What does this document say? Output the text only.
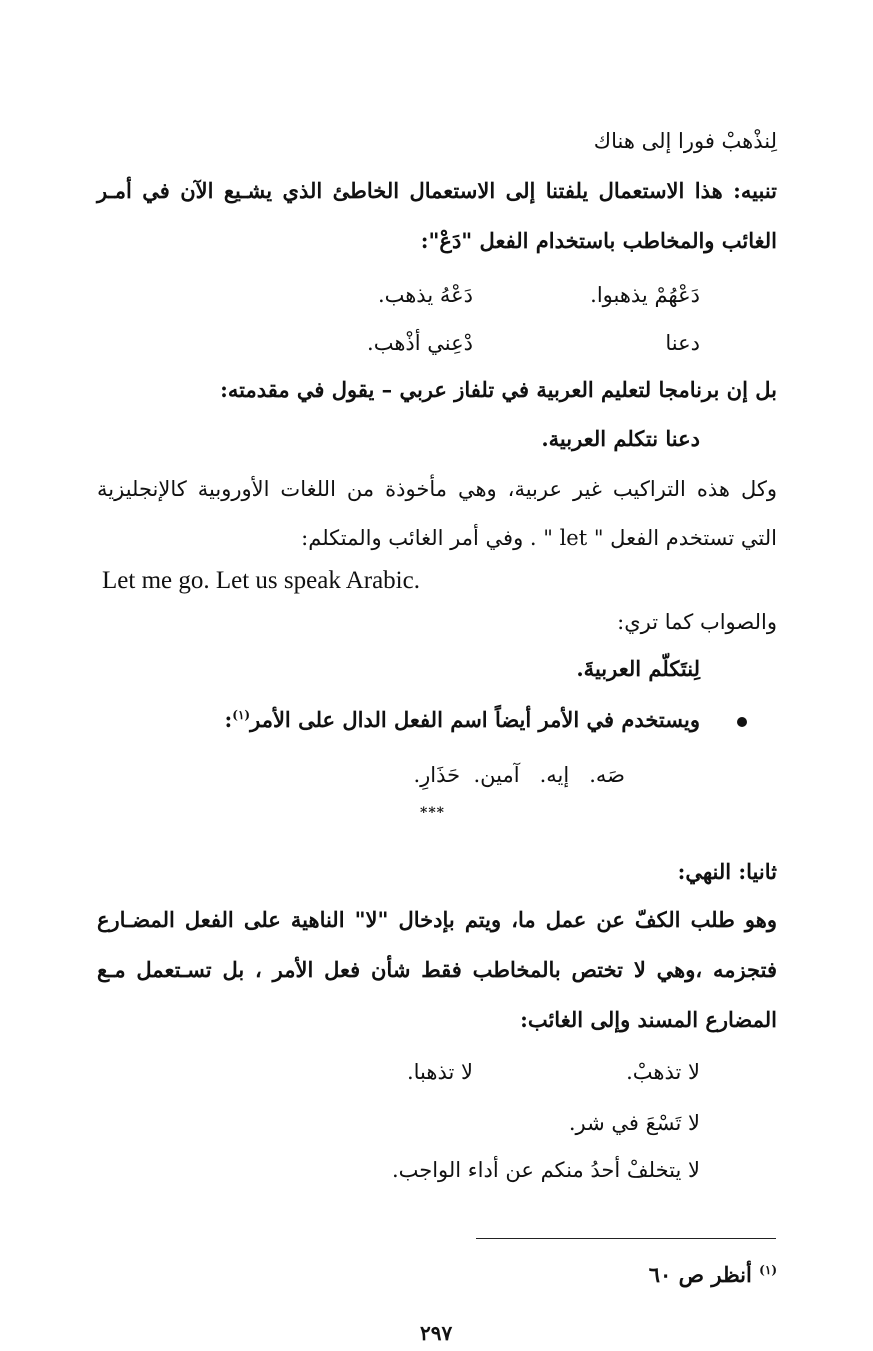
لِنذْهبْ فورا إلى هناك
تنبيه: هذا الاستعمال يلفتنا إلى الاستعمال الخاطئ الذي يشـيع الآن في أمـر
الغائب والمخاطب باستخدام الفعل "دَعْ":
دَعْهُمْ يذهبوا.
دَعْهُ يذهب.
دعنا
دْعِني أذْهب.
بل إن برنامجا لتعليم العربية في تلفاز عربي – يقول في مقدمته:
دعنا نتكلم العربية.
وكل هذه التراكيب غير عربية، وهي مأخوذة من اللغات الأوروبية كالإنجليزية
التي تستخدم الفعل " let " . وفي أمر الغائب والمتكلم:
Let me go. Let us speak Arabic.
والصواب كما تري:
لِنتَكلّم العربيةَ.
ويستخدم في الأمر أيضاً اسم الفعل الدال على الأمر$^{(١)}$:
صَه.   إيه.   آمين.  حَذَارِ.
***
ثانيا: النهي:
وهو طلب الكفّ عن عمل ما، ويتم بإدخال "لا" الناهية على الفعل المضـارع
فتجزمه ،وهي لا تختص بالمخاطب فقط شأن فعل الأمر ، بل تسـتعمل مـع
المضارع المسند وإلى الغائب:
لا تذهبْ.
لا تذهبا.
لا تَسْعَ في شر.
لا يتخلفْ أحدُ منكم عن أداء الواجب.
$^{(١)}$ أنظر ص ٦٠
٢٩٧
